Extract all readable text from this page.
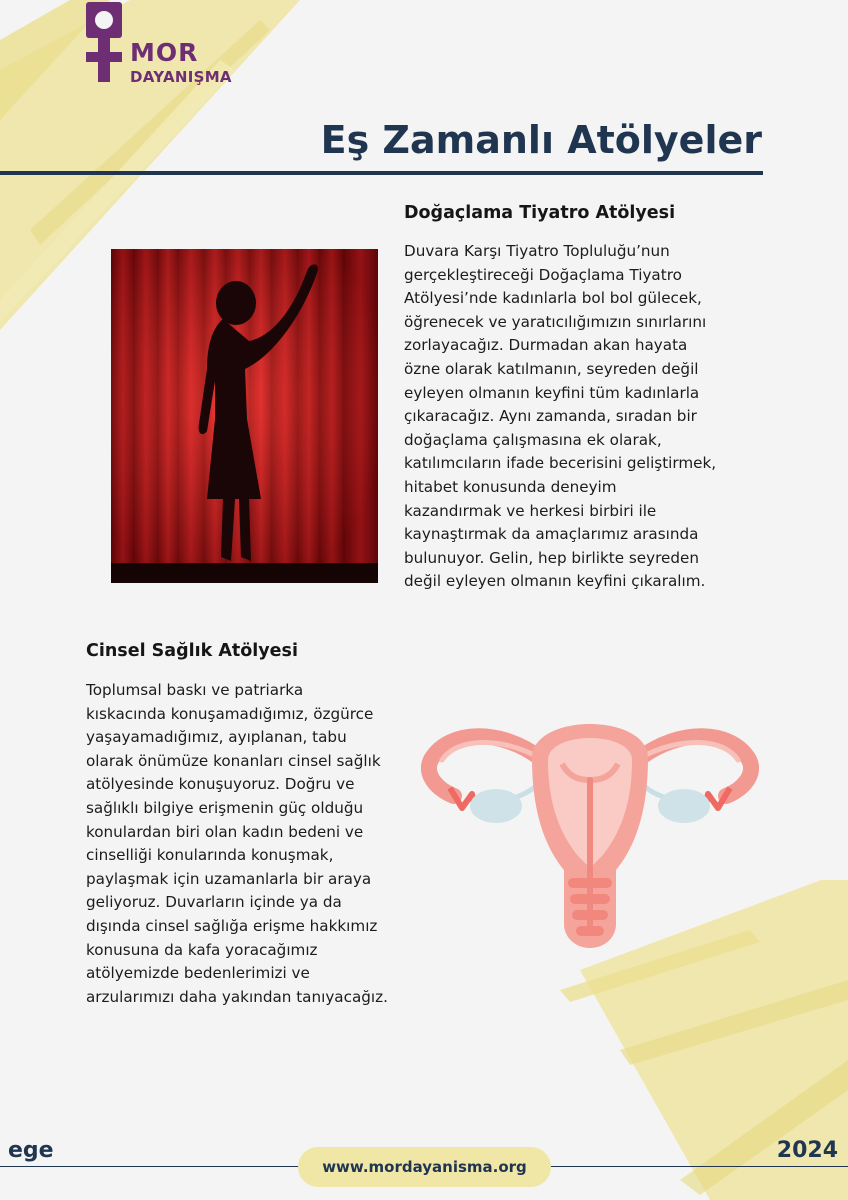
MOR
DAYANIŞMA
Eş Zamanlı Atölyeler
Doğaçlama Tiyatro Atölyesi

Duvara Karşı Tiyatro Topluluğu’nun
gerçekleştireceği Doğaçlama Tiyatro
Atölyesi’nde kadınlarla bol bol gülecek,
öğrenecek ve yaratıcılığımızın sınırlarını
zorlayacağız. Durmadan akan hayata
özne olarak katılmanın, seyreden değil
eyleyen olmanın keyfini tüm kadınlarla
çıkaracağız. Aynı zamanda, sıradan bir
doğaçlama çalışmasına ek olarak,
katılımcıların ifade becerisini geliştirmek,
hitabet konusunda deneyim
kazandırmak ve herkesi birbiri ile
kaynaştırmak da amaçlarımız arasında
bulunuyor. Gelin, hep birlikte seyreden
değil eyleyen olmanın keyfini çıkaralım.

Cinsel Sağlık Atölyesi

Toplumsal baskı ve patriarka
kıskacında konuşamadığımız, özgürce
yaşayamadığımız, ayıplanan, tabu
olarak önümüze konanları cinsel sağlık
atölyesinde konuşuyoruz. Doğru ve
sağlıklı bilgiye erişmenin güç olduğu
konulardan biri olan kadın bedeni ve
cinselliği konularında konuşmak,
paylaşmak için uzamanlarla bir araya
geliyoruz. Duvarların içinde ya da
dışında cinsel sağlığa erişme hakkımız
konusuna da kafa yoracağımız
atölyemizde bedenlerimizi ve
arzularımızı daha yakından tanıyacağız.

ege
www.mordayanisma.org
2024
